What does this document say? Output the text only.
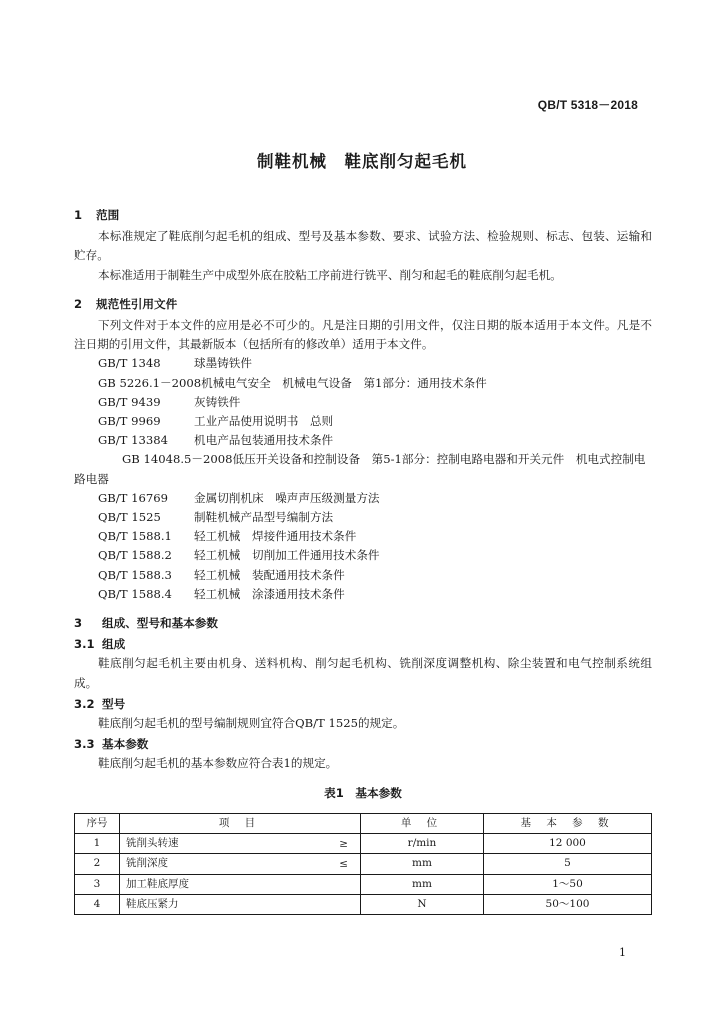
QB/T 5318－2018
制鞋机械　鞋底削匀起毛机
1 范围

本标准规定了鞋底削匀起毛机的组成、型号及基本参数、要求、试验方法、检验规则、标志、包装、运输和贮存。

本标准适用于制鞋生产中成型外底在胶粘工序前进行铣平、削匀和起毛的鞋底削匀起毛机。

2 规范性引用文件

下列文件对于本文件的应用是必不可少的。凡是注日期的引用文件，仅注日期的版本适用于本文件。凡是不注日期的引用文件，其最新版本（包括所有的修改单）适用于本文件。

GB/T 1348	球墨铸铁件
GB 5226.1－2008机械电气安全　机械电气设备　第1部分：通用技术条件
GB/T 9439	灰铸铁件
GB/T 9969	工业产品使用说明书　总则
GB/T 13384 机电产品包装通用技术条件
GB 14048.5－2008低压开关设备和控制设备　第5-1部分：控制电路电器和开关元件　机电式控制电路电器
GB/T 16769 金属切削机床　噪声声压级测量方法
QB/T 1525	制鞋机械产品型号编制方法
QB/T 1588.1 轻工机械　焊接件通用技术条件
QB/T 1588.2 轻工机械　切削加工件通用技术条件
QB/T 1588.3 轻工机械　装配通用技术条件
QB/T 1588.4 轻工机械　涂漆通用技术条件
3 组成、型号和基本参数
3.1 组成

鞋底削匀起毛机主要由机身、送料机构、削匀起毛机构、铣削深度调整机构、除尘装置和电气控制系统组成。

3.2 型号

鞋底削匀起毛机的型号编制规则宜符合QB/T 1525的规定。

3.3 基本参数

鞋底削匀起毛机的基本参数应符合表1的规定。

表1　基本参数
序号	项 目	单 位	基 本 参 数
1	铣削头转速 ≥	r/min	12 000
2	铣削深度 ≤	mm	5
3	加工鞋底厚度	mm	1～50
4	鞋底压紧力	N	50～100
1
